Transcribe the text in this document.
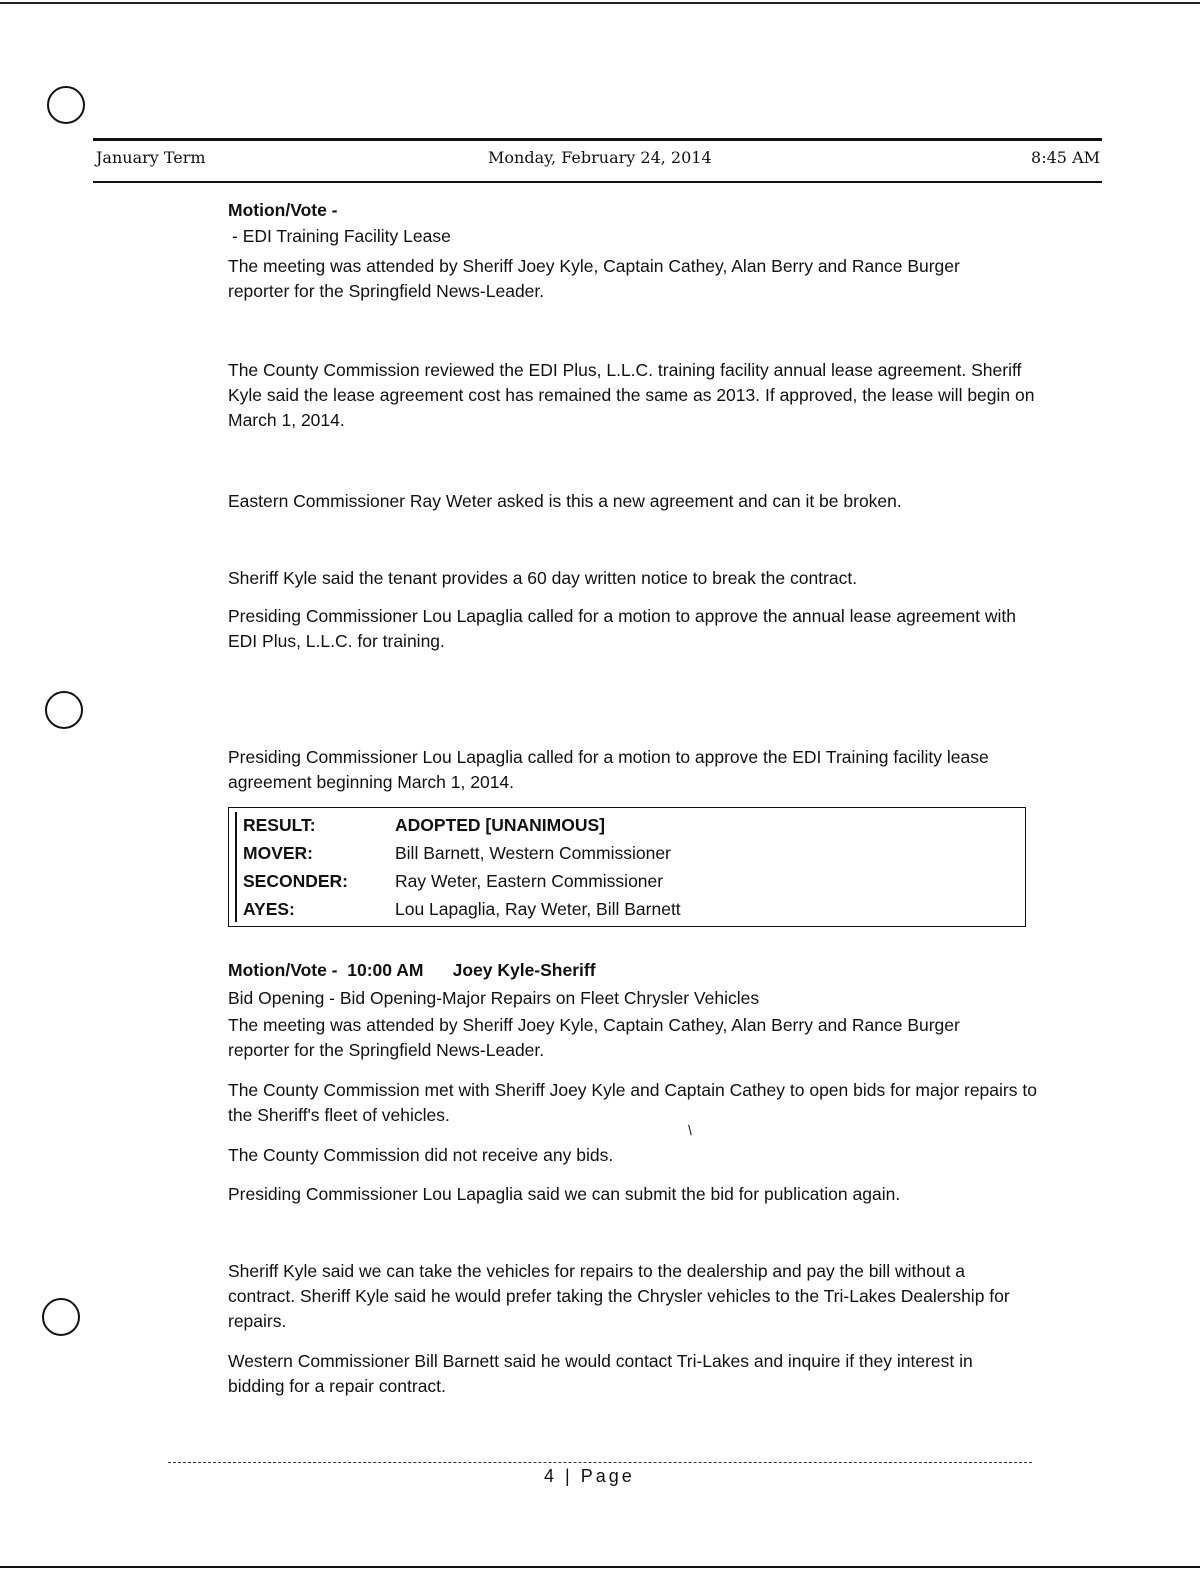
January Term	Monday, February 24, 2014	8:45 AM
Motion/Vote -
- EDI Training Facility Lease
The meeting was attended by Sheriff Joey Kyle, Captain Cathey, Alan Berry and Rance Burger reporter for the Springfield News-Leader.
The County Commission reviewed the EDI Plus, L.L.C. training facility annual lease agreement. Sheriff Kyle said the lease agreement cost has remained the same as 2013. If approved, the lease will begin on March 1, 2014.
Eastern Commissioner Ray Weter asked is this a new agreement and can it be broken.
Sheriff Kyle said the tenant provides a 60 day written notice to break the contract.
Presiding Commissioner Lou Lapaglia called for a motion to approve the annual lease agreement with EDI Plus, L.L.C. for training.
Presiding Commissioner Lou Lapaglia called for a motion to approve the EDI Training facility lease agreement beginning March 1, 2014.
RESULT:	ADOPTED [UNANIMOUS]
MOVER:	Bill Barnett, Western Commissioner
SECONDER:	Ray Weter, Eastern Commissioner
AYES:	Lou Lapaglia, Ray Weter, Bill Barnett
Motion/Vote -  10:00 AM      Joey Kyle-Sheriff
Bid Opening - Bid Opening-Major Repairs on Fleet Chrysler Vehicles
The meeting was attended by Sheriff Joey Kyle, Captain Cathey, Alan Berry and Rance Burger reporter for the Springfield News-Leader.
The County Commission met with Sheriff Joey Kyle and Captain Cathey to open bids for major repairs to the Sheriff's fleet of vehicles.
/
The County Commission did not receive any bids.
Presiding Commissioner Lou Lapaglia said we can submit the bid for publication again.
Sheriff Kyle said we can take the vehicles for repairs to the dealership and pay the bill without a contract. Sheriff Kyle said he would prefer taking the Chrysler vehicles to the Tri-Lakes Dealership for repairs.
Western Commissioner Bill Barnett said he would contact Tri-Lakes and inquire if they interest in bidding for a repair contract.
4 | Page
